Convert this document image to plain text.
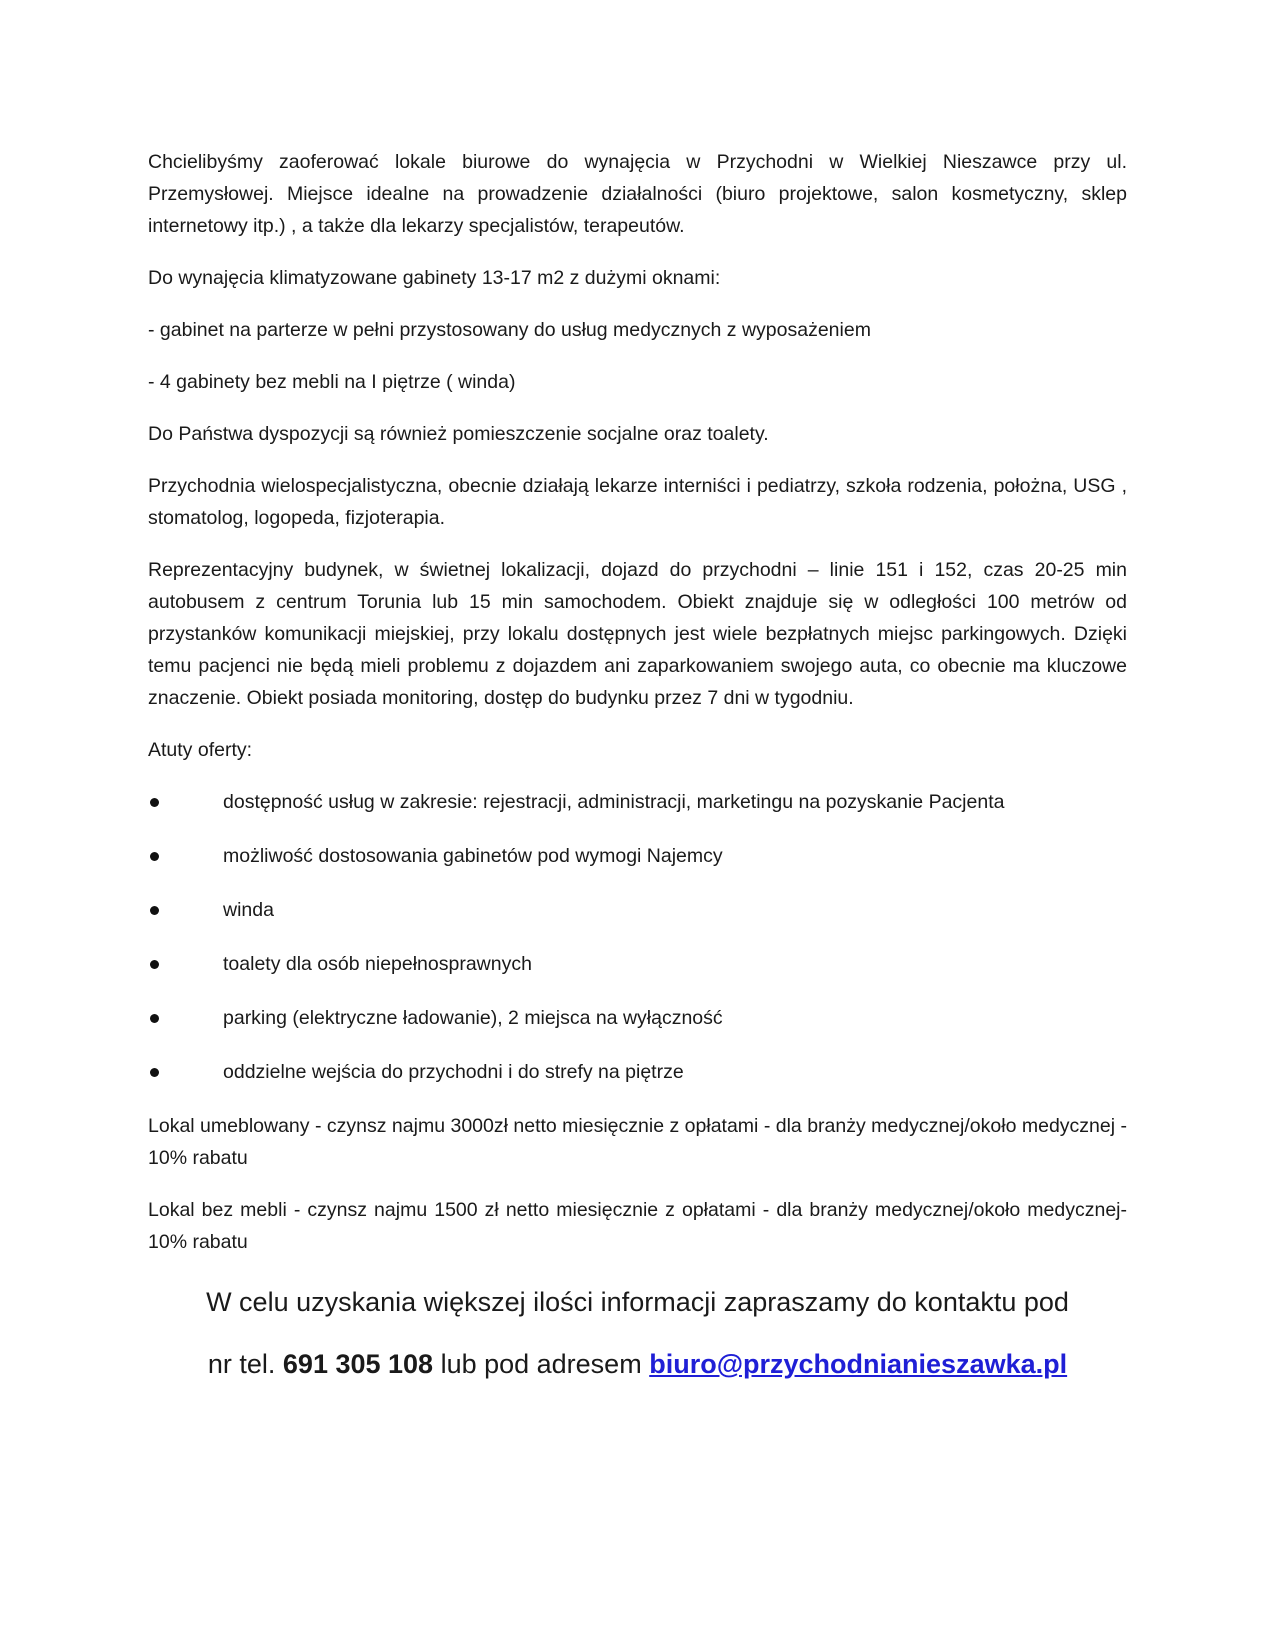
Chcielibyśmy zaoferować lokale biurowe do wynajęcia w Przychodni w Wielkiej Nieszawce przy ul. Przemysłowej. Miejsce idealne na prowadzenie działalności (biuro projektowe, salon kosmetyczny, sklep internetowy itp.) , a także dla lekarzy specjalistów, terapeutów.

Do wynajęcia klimatyzowane gabinety 13-17 m2 z dużymi oknami:

- gabinet na parterze w pełni przystosowany do usług medycznych z wyposażeniem

- 4 gabinety bez mebli na I piętrze ( winda)

Do Państwa dyspozycji są również pomieszczenie socjalne oraz toalety.

Przychodnia wielospecjalistyczna, obecnie działają lekarze interniści i pediatrzy, szkoła rodzenia, położna, USG , stomatolog, logopeda, fizjoterapia.

Reprezentacyjny budynek, w świetnej lokalizacji, dojazd do przychodni – linie 151 i 152, czas 20-25 min autobusem z centrum Torunia lub 15 min samochodem. Obiekt znajduje się w odległości 100 metrów od przystanków komunikacji miejskiej, przy lokalu dostępnych jest wiele bezpłatnych miejsc parkingowych. Dzięki temu pacjenci nie będą mieli problemu z dojazdem ani zaparkowaniem swojego auta, co obecnie ma kluczowe znaczenie. Obiekt posiada monitoring, dostęp do budynku przez 7 dni w tygodniu.

Atuty oferty:

dostępność usług w zakresie: rejestracji, administracji, marketingu na pozyskanie Pacjenta
możliwość dostosowania gabinetów pod wymogi Najemcy
winda
toalety dla osób niepełnosprawnych
parking (elektryczne ładowanie), 2 miejsca na wyłączność
oddzielne wejścia do przychodni i do strefy na piętrze

Lokal umeblowany - czynsz najmu 3000zł netto miesięcznie z opłatami - dla branży medycznej/około medycznej - 10% rabatu

Lokal bez mebli - czynsz najmu 1500 zł netto miesięcznie z opłatami - dla branży medycznej/około medycznej- 10% rabatu

W celu uzyskania większej ilości informacji zapraszamy do kontaktu pod

nr tel. 691 305 108 lub pod adresem biuro@przychodnianieszawka.pl
